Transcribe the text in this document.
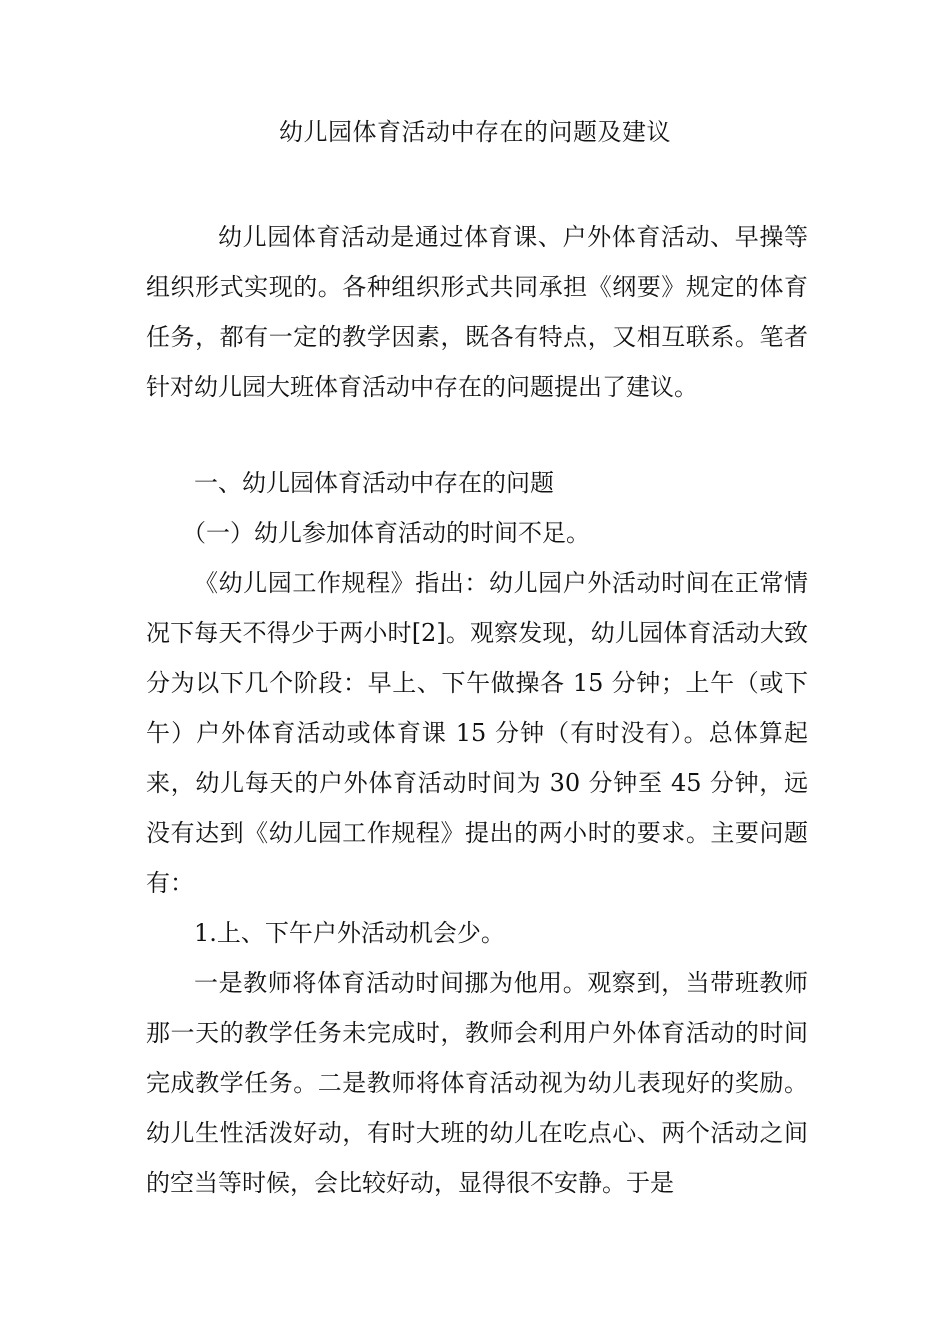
幼儿园体育活动中存在的问题及建议
幼儿园体育活动是通过体育课、户外体育活动、早操等组织形式实现的。各种组织形式共同承担《纲要》规定的体育任务，都有一定的教学因素，既各有特点，又相互联系。笔者针对幼儿园大班体育活动中存在的问题提出了建议。

一、幼儿园体育活动中存在的问题

（一）幼儿参加体育活动的时间不足。

《幼儿园工作规程》指出：幼儿园户外活动时间在正常情况下每天不得少于两小时[2]。观察发现，幼儿园体育活动大致分为以下几个阶段：早上、下午做操各 15 分钟；上午（或下午）户外体育活动或体育课 15 分钟（有时没有）。总体算起来，幼儿每天的户外体育活动时间为 30 分钟至 45 分钟，远没有达到《幼儿园工作规程》提出的两小时的要求。主要问题有：

1.上、下午户外活动机会少。

一是教师将体育活动时间挪为他用。观察到，当带班教师那一天的教学任务未完成时，教师会利用户外体育活动的时间完成教学任务。二是教师将体育活动视为幼儿表现好的奖励。幼儿生性活泼好动，有时大班的幼儿在吃点心、两个活动之间的空当等时候，会比较好动，显得很不安静。于是
